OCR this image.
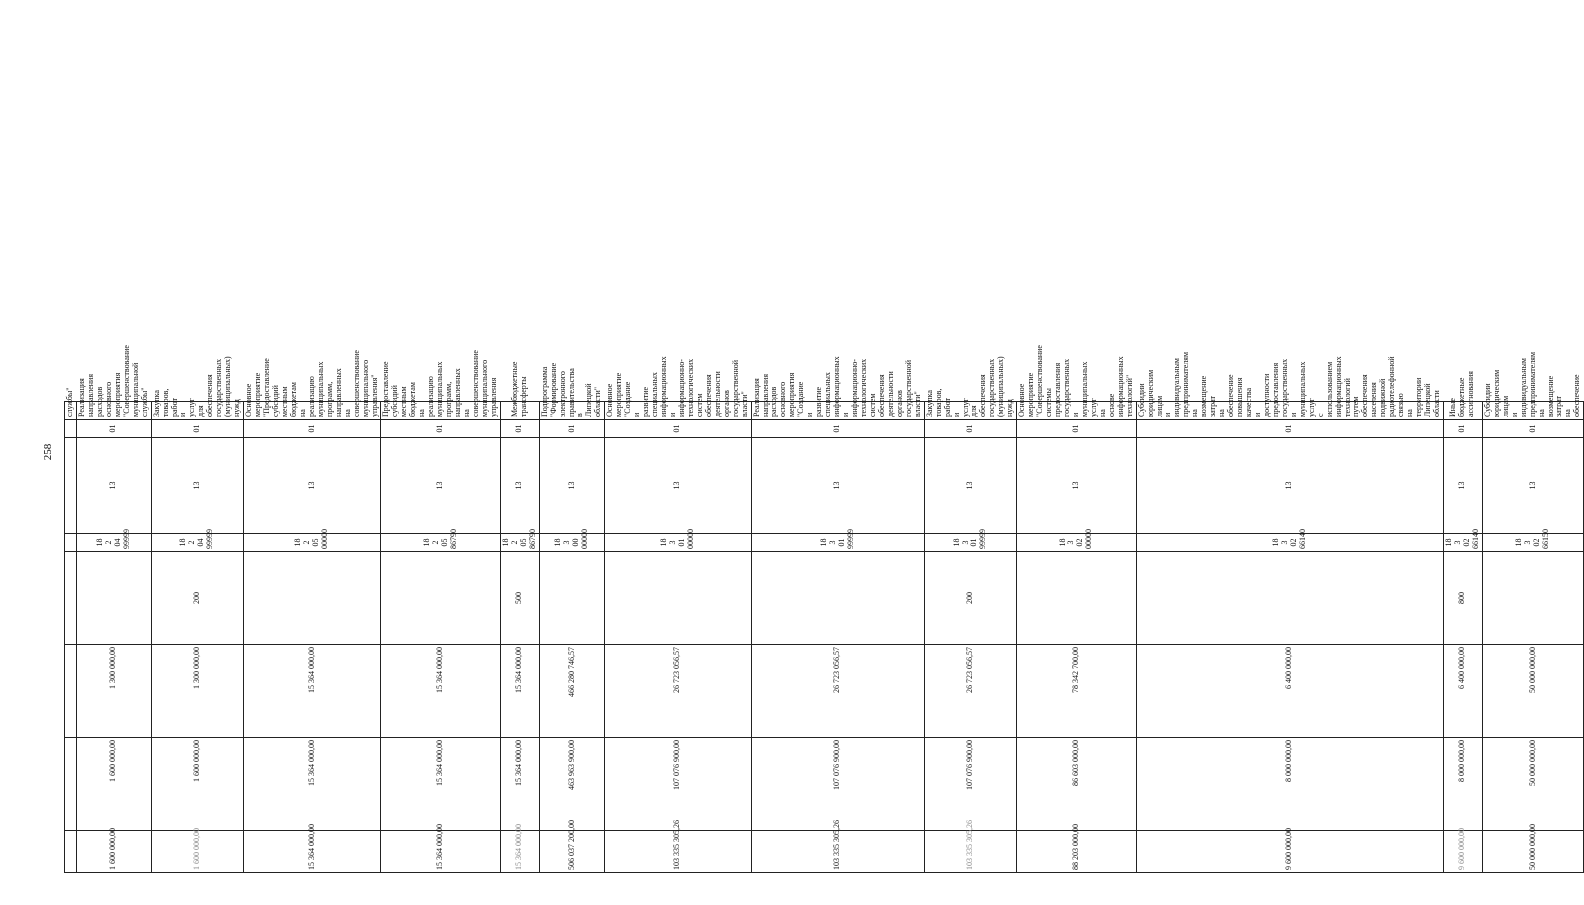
258
							службы"
1 600 000,00	1 600 000,00	1 300 000,00		18 2 04 99999	13	01	Реализация направления расходов основного мероприятия "Совершенствование муниципальной службы"
1 600 000,00	1 600 000,00	1 300 000,00	200	18 2 04 99999	13	01	Закупка товаров, работ и услуг для обеспечения государственных (муниципальных) нужд
15 364 000,00	15 364 000,00	15 364 000,00		18 2 05 00000	13	01	Основное мероприятие "Предоставление субсидий местным бюджетам на реализацию муниципальных программ, направленных на совершенствование муниципального управления"
15 364 000,00	15 364 000,00	15 364 000,00		18 2 05 86790	13	01	Предоставление субсидий местным бюджетам на реализацию муниципальных программ, направленных на совершенствование муниципального управления
15 364 000,00	15 364 000,00	15 364 000,00	500	18 2 05 86790	13	01	Межбюджетные трансферты
506 037 200,00	463 963 900,00	466 280 746,57		18 3 00 00000	13	01	Подпрограмма "Формирование электронного правительства в Липецкой области"
103 335 305,26	107 076 900,00	26 723 056,57		18 3 01 00000	13	01	Основное мероприятие "Создание и развитие специальных информационных и информационно-технологических систем обеспечения деятельности органов государственной власти"
103 335 305,26	107 076 900,00	26 723 056,57		18 3 01 99999	13	01	Реализация направления расходов основного мероприятия "Создание и развитие специальных информационных и информационно-технологических систем обеспечения деятельности органов государственной власти"
103 335 305,26	107 076 900,00	26 723 056,57	200	18 3 01 99999	13	01	Закупка товаров, работ и услуг для обеспечения государственных (муниципальных) нужд
88 203 000,00	86 603 000,00	78 342 700,00		18 3 02 00000	13	01	Основное мероприятие "Совершенствование системы предоставления государственных и муниципальных услуг на основе информационных технологий"
9 600 000,00	8 000 000,00	6 400 000,00		18 3 02 66140	13	01	Субсидии юридическим лицам и индивидуальным предпринимателям на возмещение затрат на обеспечение повышения качества и доступности предоставления государственных и муниципальных услуг с использованием информационных технологий путем обеспечения населения подвижной радиотелефонной связью на территории Липецкой области
9 600 000,00	8 000 000,00	6 400 000,00	800	18 3 02 66140	13	01	Иные бюджетные ассигнования
50 000 000,00	50 000 000,00	50 000 000,00		18 3 02 66150	13	01	Субсидии юридическим лицам и индивидуальным предпринимателям на возмещение затрат на обеспечение
